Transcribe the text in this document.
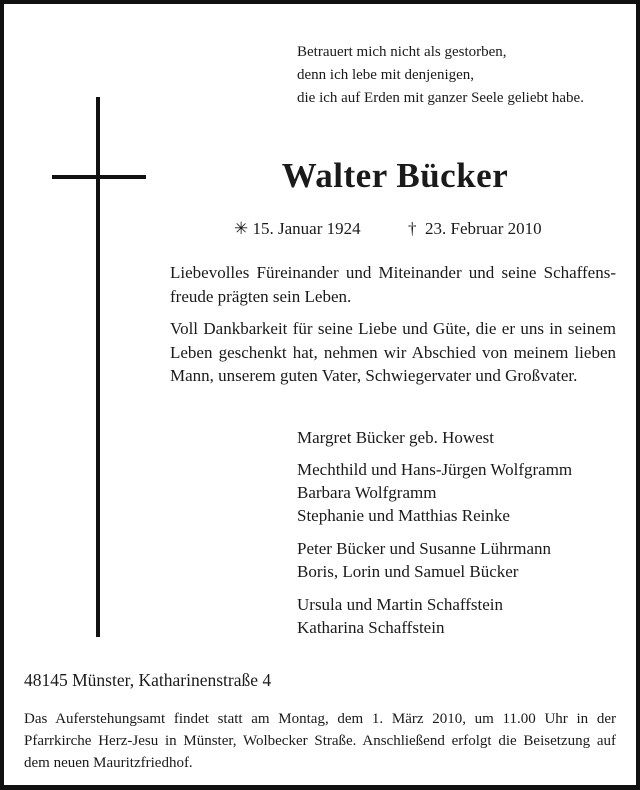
Betrauert mich nicht als gestorben,
denn ich lebe mit denjenigen,
die ich auf Erden mit ganzer Seele geliebt habe.
Walter Bücker
✳ 15. Januar 1924	† 23. Februar 2010
Liebevolles Füreinander und Miteinander und seine Schaffens-
freude prägten sein Leben.
Voll Dankbarkeit für seine Liebe und Güte, die er uns in seinem
Leben geschenkt hat, nehmen wir Abschied von meinem lieben
Mann, unserem guten Vater, Schwiegervater und Großvater.
Margret Bücker geb. Howest
Mechthild und Hans-Jürgen Wolfgramm
Barbara Wolfgramm
Stephanie und Matthias Reinke
Peter Bücker und Susanne Lührmann
Boris, Lorin und Samuel Bücker
Ursula und Martin Schaffstein
Katharina Schaffstein
48145 Münster, Katharinenstraße 4
Das Auferstehungsamt findet statt am Montag, dem 1. März 2010, um 11.00 Uhr in der
Pfarrkirche Herz-Jesu in Münster, Wolbecker Straße. Anschließend erfolgt die Beisetzung auf
dem neuen Mauritzfriedhof.
